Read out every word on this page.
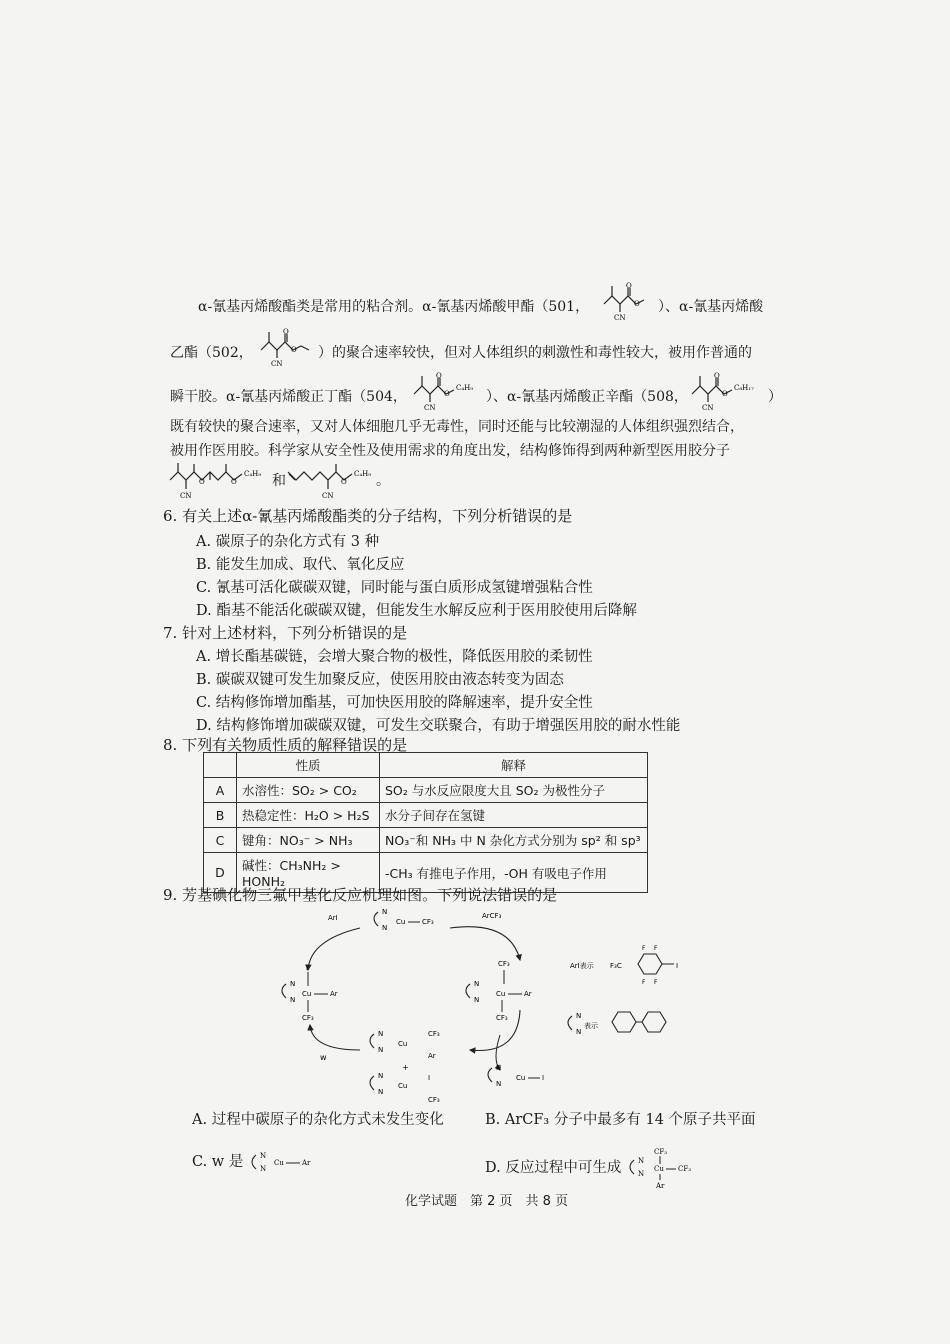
α-氰基丙烯酸酯类是常用的粘合剂。α-氰基丙烯酸甲酯（501，
O
O
CN
）、α-氰基丙烯酸
乙酯（502，
O
O
CN
）的聚合速率较快，但对人体组织的刺激性和毒性较大，被用作普通的
瞬干胶。α-氰基丙烯酸正丁酯（504，
O
O
C₄H₉
CN
）、α-氰基丙烯酸正辛酯（508，
O
O
C₈H₁₇
CN
）
既有较快的聚合速率，又对人体细胞几乎无毒性，同时还能与比较潮湿的人体组织强烈结合，
被用作医用胶。科学家从安全性及使用需求的角度出发，结构修饰得到两种新型医用胶分子
O	O
C₄H₉
CN
和	O
C₄H₉
CN
。
6. 有关上述α-氰基丙烯酸酯类的分子结构，下列分析错误的是
A. 碳原子的杂化方式有 3 种
B. 能发生加成、取代、氧化反应
C. 氰基可活化碳碳双键，同时能与蛋白质形成氢键增强粘合性
D. 酯基不能活化碳碳双键，但能发生水解反应利于医用胶使用后降解
7. 针对上述材料，下列分析错误的是
A. 增长酯基碳链，会增大聚合物的极性，降低医用胶的柔韧性
B. 碳碳双键可发生加聚反应，使医用胶由液态转变为固态
C. 结构修饰增加酯基，可加快医用胶的降解速率，提升安全性
D. 结构修饰增加碳碳双键，可发生交联聚合，有助于增强医用胶的耐水性能
8. 下列有关物质性质的解释错误的是
	性质	解释
A	水溶性：SO₂ > CO₂	SO₂ 与水反应限度大且 SO₂ 为极性分子
B	热稳定性：H₂O > H₂S	水分子间存在氢键
C	键角：NO₃⁻ > NH₃	NO₃⁻和 NH₃ 中 N 杂化方式分别为 sp² 和 sp³
D	碱性：CH₃NH₂ > HONH₂	-CH₃ 有推电子作用，-OH 有吸电子作用
9. 芳基碘化物三氟甲基化反应机理如图。下列说法错误的是
ArI
N
N
Cu CF₃
ArCF₃
I
N
N
Cu	Ar
CF₃
CF₃
N
N
Cu	Ar
CF₃
N
N
Cu
CF₃
Ar
w
+
N
N
Cu
I
CF₃
N
N
Cu I
ArI表示 F₃C	I
F F
F F
N
N
表示
A. 过程中碳原子的杂化方式未发生变化	B. ArCF₃ 分子中最多有 14 个原子共平面
C. w 是 N
N
Cu	Ar	D. 反应过程中可生成
CF₃
N
N
Cu CF₃
Ar
化学试题　第 2 页　共 8 页
